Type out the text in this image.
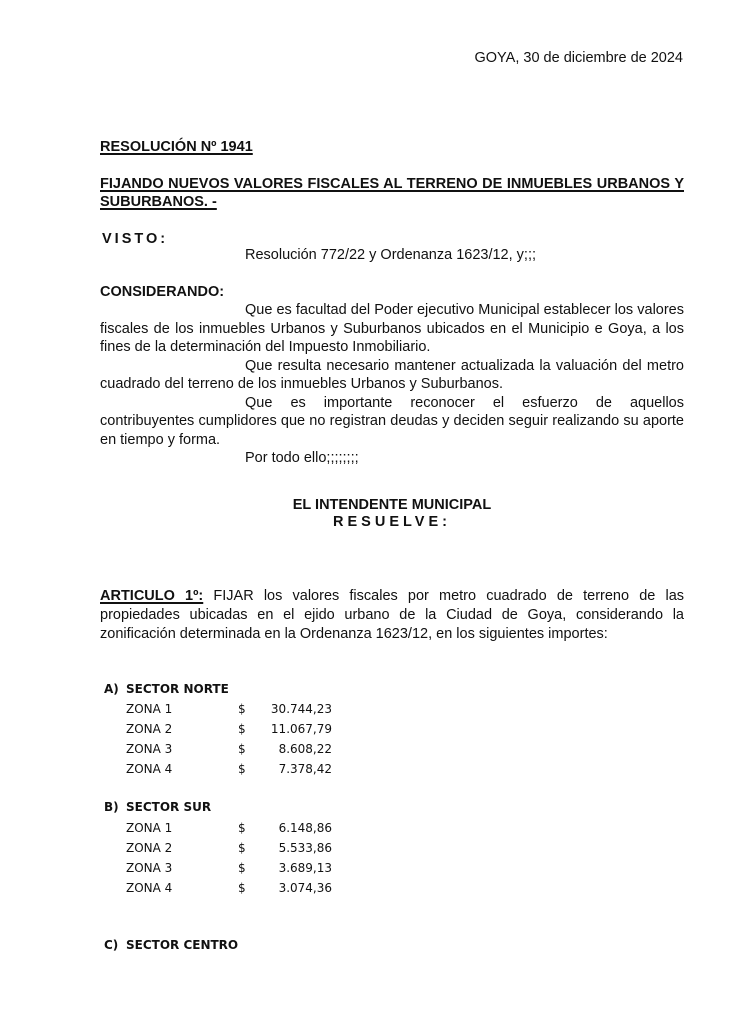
GOYA, 30 de diciembre de 2024
RESOLUCIÓN Nº 1941
FIJANDO NUEVOS VALORES FISCALES AL TERRENO DE INMUEBLES URBANOS Y SUBURBANOS. -
VISTO:
Resolución 772/22 y Ordenanza 1623/12, y;;;
CONSIDERANDO:

Que es facultad del Poder ejecutivo Municipal establecer los valores fiscales de los inmuebles Urbanos y Suburbanos ubicados en el Municipio e Goya, a los fines de la determinación del Impuesto Inmobiliario.

Que resulta necesario mantener actualizada la valuación del metro cuadrado del terreno de los inmuebles Urbanos y Suburbanos.

Que es importante reconocer el esfuerzo de aquellos contribuyentes cumplidores que no registran deudas y deciden seguir realizando su aporte en tiempo y forma.

Por todo ello;;;;;;;;

EL INTENDENTE MUNICIPAL
RESUELVE:
ARTICULO 1º: FIJAR los valores fiscales por metro cuadrado de terreno de las propiedades ubicadas en el ejido urbano de la Ciudad de Goya, considerando la zonificación determinada en la Ordenanza 1623/12, en los siguientes importes:
A) SECTOR NORTE
ZONA 1	$ 30.744,23
ZONA 2	$ 11.067,79
ZONA 3	$	8.608,22
ZONA 4	$	7.378,42
B) SECTOR SUR
ZONA 1	$	6.148,86
ZONA 2	$	5.533,86
ZONA 3	$	3.689,13
ZONA 4	$	3.074,36
C) SECTOR CENTRO
